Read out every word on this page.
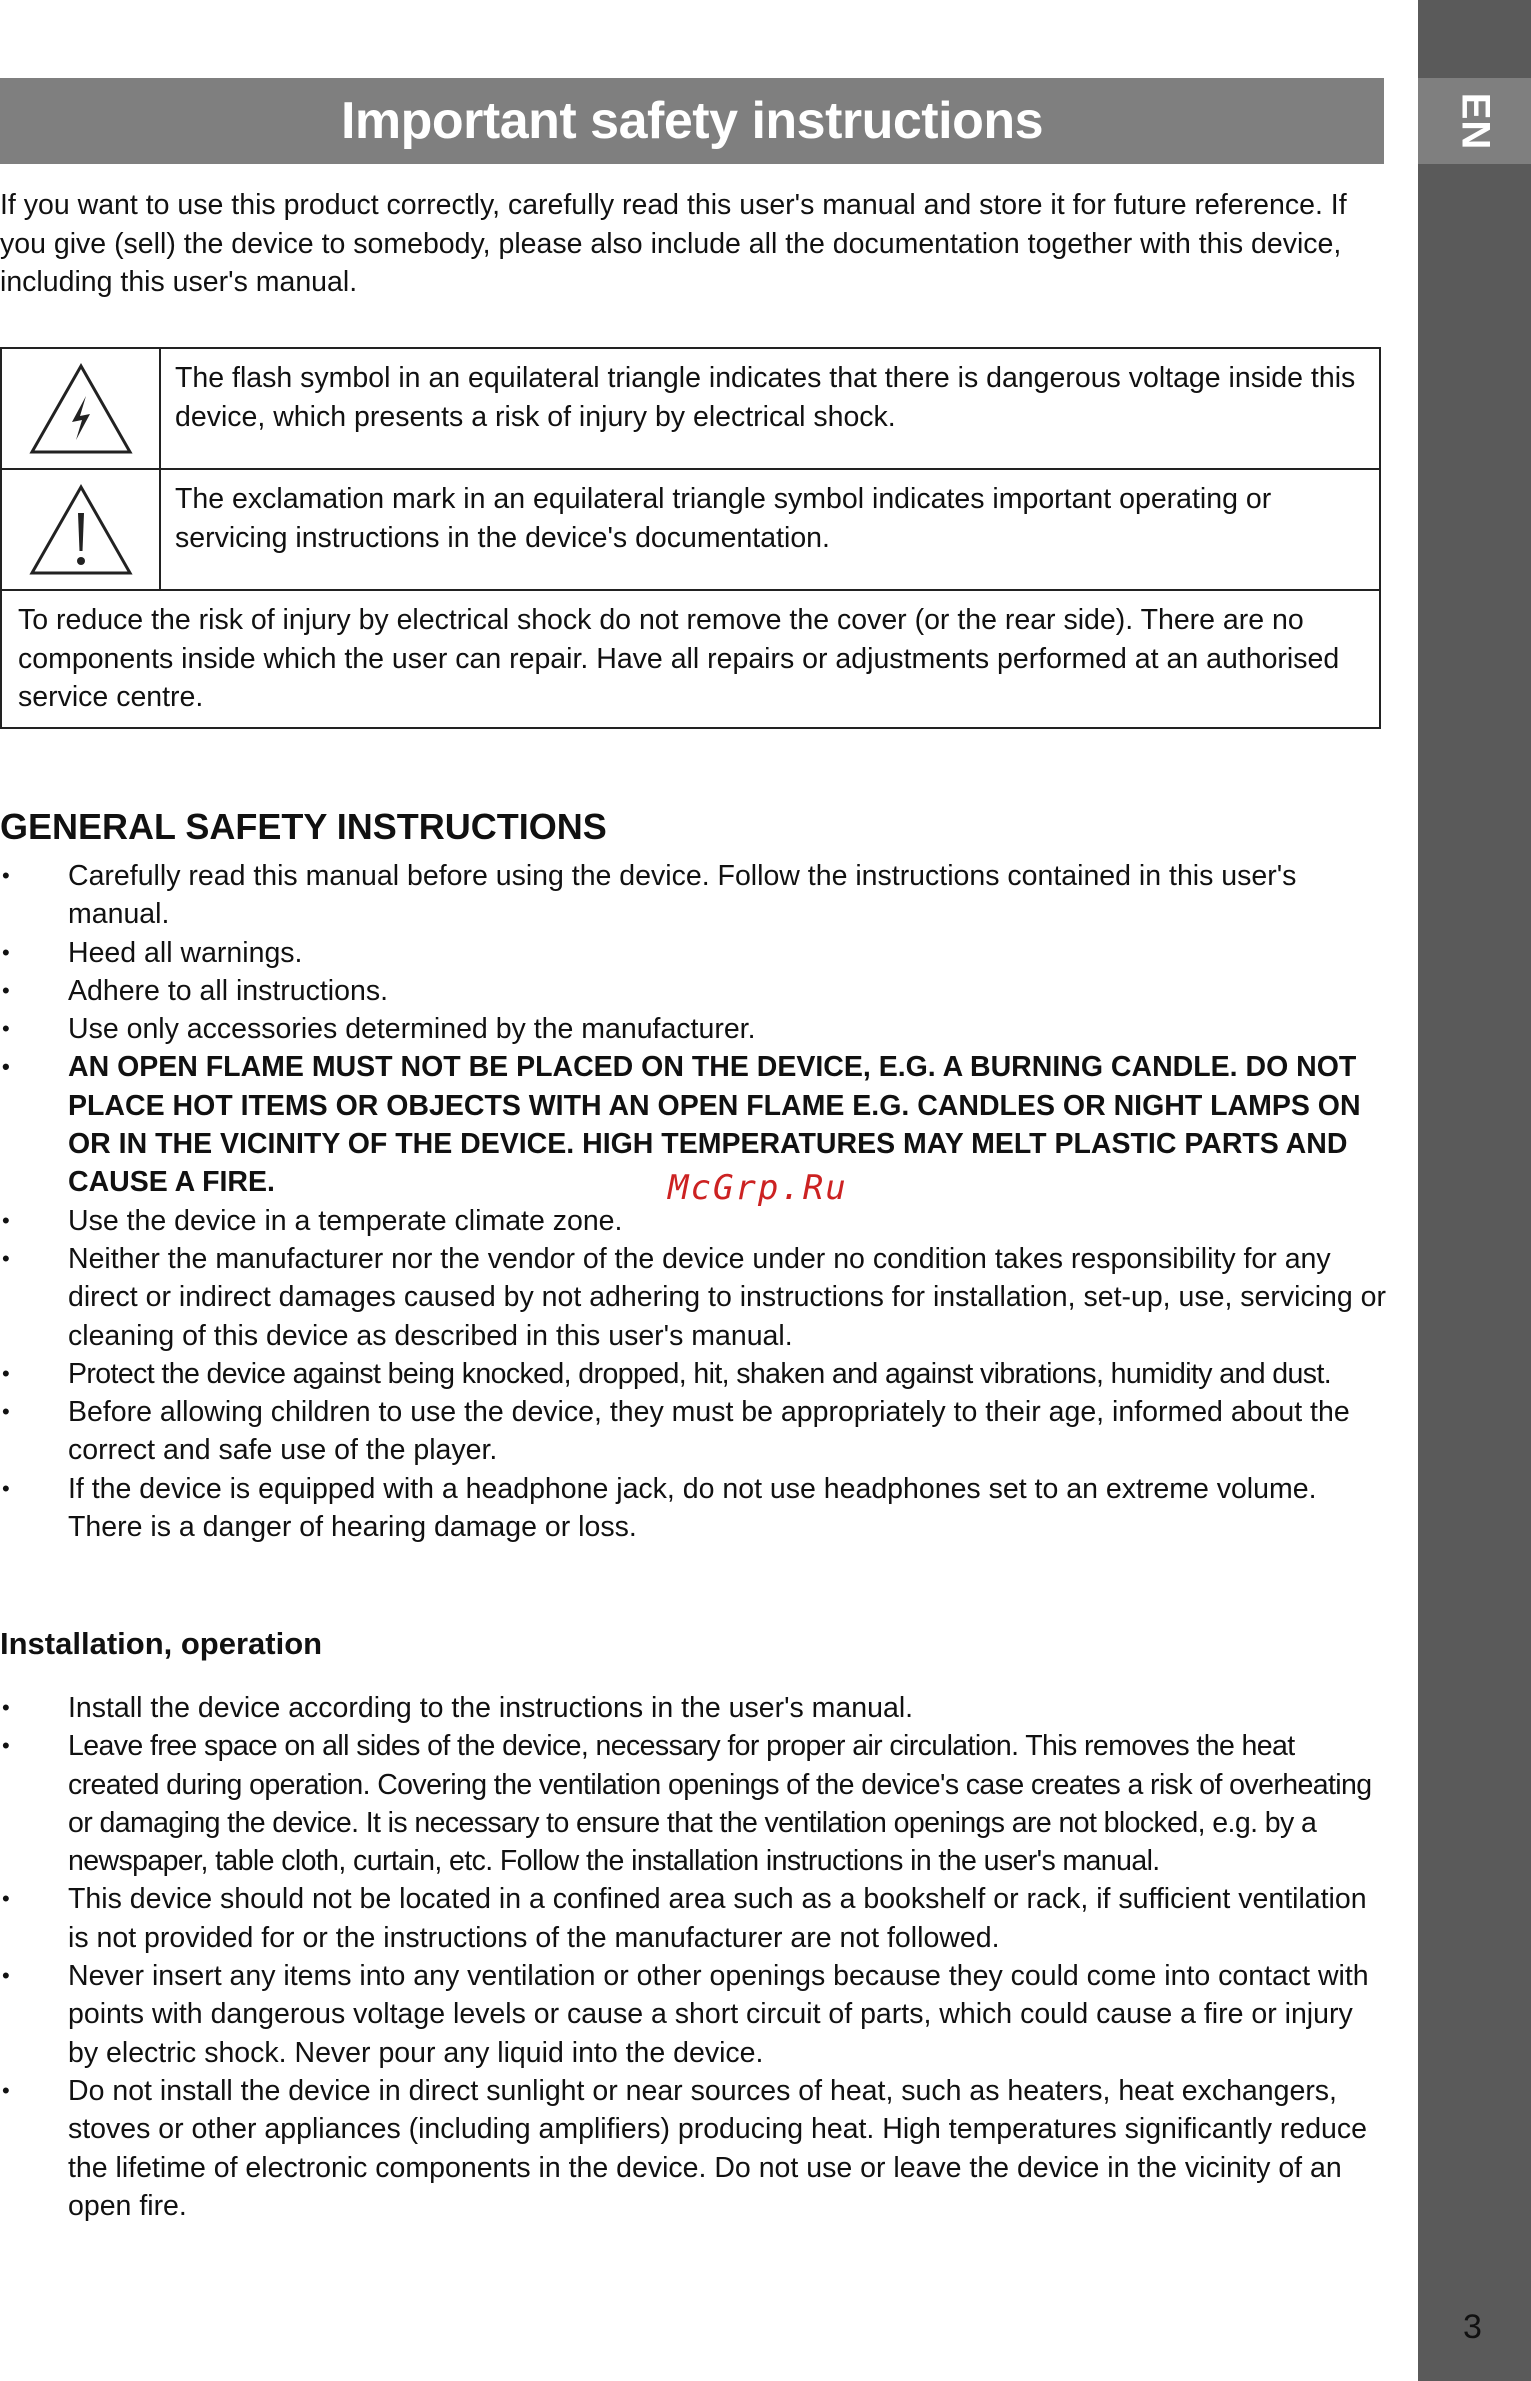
EN
3
Important safety instructions

If you want to use this product correctly, carefully read this user's manual and store it for future reference. If you give (sell) the device to somebody, please also include all the documentation together with this device, including this user's manual.

The flash symbol in an equilateral triangle indicates that there is dangerous voltage inside this device, which presents a risk of injury by electrical shock.
The exclamation mark in an equilateral triangle symbol indicates important operating or servicing instructions in the device's documentation.
To reduce the risk of injury by electrical shock do not remove the cover (or the rear side). There are no components inside which the user can repair. Have all repairs or adjustments performed at an authorised service centre.
GENERAL SAFETY INSTRUCTIONS
• Carefully read this manual before using the device. Follow the instructions contained in this user's manual.
• Heed all warnings.
• Adhere to all instructions.
• Use only accessories determined by the manufacturer.
• AN OPEN FLAME MUST NOT BE PLACED ON THE DEVICE, E.G. A BURNING CANDLE. DO NOT PLACE HOT ITEMS OR OBJECTS WITH AN OPEN FLAME E.G. CANDLES OR NIGHT LAMPS ON OR IN THE VICINITY OF THE DEVICE. HIGH TEMPERATURES MAY MELT PLASTIC PARTS AND CAUSE A FIRE.
• Use the device in a temperate climate zone.
• Neither the manufacturer nor the vendor of the device under no condition takes responsibility for any direct or indirect damages caused by not adhering to instructions for installation, set-up, use, servicing or cleaning of this device as described in this user's manual.
• Protect the device against being knocked, dropped, hit, shaken and against vibrations, humidity and dust.
• Before allowing children to use the device, they must be appropriately to their age, informed about the correct and safe use of the player.
• If the device is equipped with a headphone jack, do not use headphones set to an extreme volume. There is a danger of hearing damage or loss.
McGrp.Ru
Installation, operation
• Install the device according to the instructions in the user's manual.
• Leave free space on all sides of the device, necessary for proper air circulation. This removes the heat created during operation. Covering the ventilation openings of the device's case creates a risk of overheating or damaging the device. It is necessary to ensure that the ventilation openings are not blocked, e.g. by a newspaper, table cloth, curtain, etc. Follow the installation instructions in the user's manual.
• This device should not be located in a confined area such as a bookshelf or rack, if sufficient ventilation is not provided for or the instructions of the manufacturer are not followed.
• Never insert any items into any ventilation or other openings because they could come into contact with points with dangerous voltage levels or cause a short circuit of parts, which could cause a fire or injury by electric shock. Never pour any liquid into the device.
• Do not install the device in direct sunlight or near sources of heat, such as heaters, heat exchangers, stoves or other appliances (including amplifiers) producing heat. High temperatures significantly reduce the lifetime of electronic components in the device. Do not use or leave the device in the vicinity of an open fire.
